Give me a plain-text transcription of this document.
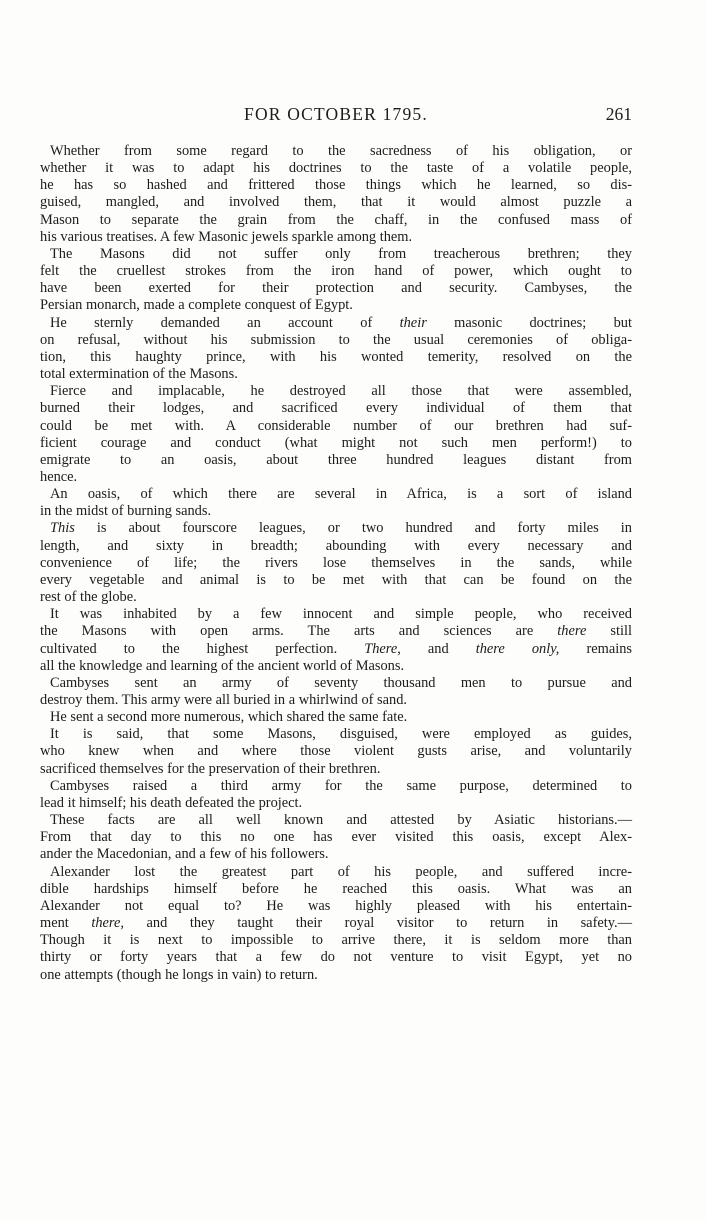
FOR OCTOBER 1795.	261

Whether from some regard to the sacredness of his obligation, or
whether it was to adapt his doctrines to the taste of a volatile people,
he has so hashed and frittered those things which he learned, so dis-
guised, mangled, and involved them, that it would almost puzzle a
Mason to separate the grain from the chaff, in the confused mass of
his various treatises. A few Masonic jewels sparkle among them.

The Masons did not suffer only from treacherous brethren; they
felt the cruellest strokes from the iron hand of power, which ought to
have been exerted for their protection and security. Cambyses, the
Persian monarch, made a complete conquest of Egypt.

He sternly demanded an account of their masonic doctrines; but
on refusal, without his submission to the usual ceremonies of obliga-
tion, this haughty prince, with his wonted temerity, resolved on the
total extermination of the Masons.

Fierce and implacable, he destroyed all those that were assembled,
burned their lodges, and sacrificed every individual of them that
could be met with. A considerable number of our brethren had suf-
ficient courage and conduct (what might not such men perform!) to
emigrate to an oasis, about three hundred leagues distant from
hence.

An oasis, of which there are several in Africa, is a sort of island
in the midst of burning sands.

This is about fourscore leagues, or two hundred and forty miles in
length, and sixty in breadth; abounding with every necessary and
convenience of life; the rivers lose themselves in the sands, while
every vegetable and animal is to be met with that can be found on the
rest of the globe.

It was inhabited by a few innocent and simple people, who received
the Masons with open arms. The arts and sciences are there still
cultivated to the highest perfection. There, and there only, remains
all the knowledge and learning of the ancient world of Masons.

Cambyses sent an army of seventy thousand men to pursue and
destroy them. This army were all buried in a whirlwind of sand.

He sent a second more numerous, which shared the same fate.

It is said, that some Masons, disguised, were employed as guides,
who knew when and where those violent gusts arise, and voluntarily
sacrificed themselves for the preservation of their brethren.

Cambyses raised a third army for the same purpose, determined to
lead it himself; his death defeated the project.

These facts are all well known and attested by Asiatic historians.—
From that day to this no one has ever visited this oasis, except Alex-
ander the Macedonian, and a few of his followers.

Alexander lost the greatest part of his people, and suffered incre-
dible hardships himself before he reached this oasis. What was an
Alexander not equal to? He was highly pleased with his entertain-
ment there, and they taught their royal visitor to return in safety.—
Though it is next to impossible to arrive there, it is seldom more than
thirty or forty years that a few do not venture to visit Egypt, yet no
one attempts (though he longs in vain) to return.
